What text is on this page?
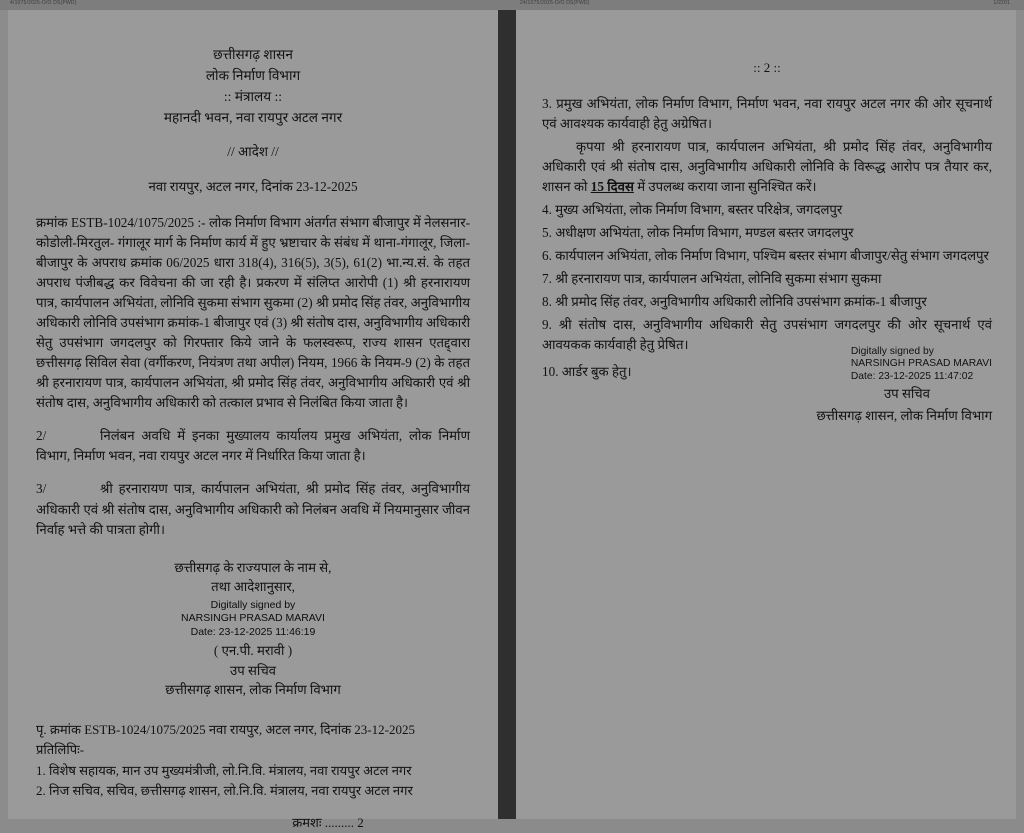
4/1075/2025-O/O DS(PWD)	24/1075/2025-O/O DS(PWD)	1/2201
छत्तीसगढ़ शासन
लोक निर्माण विभाग
:: मंत्रालय ::
महानदी भवन, नवा रायपुर अटल नगर
// आदेश //
नवा रायपुर, अटल नगर, दिनांक 23-12-2025
क्रमांक ESTB-1024/1075/2025 :- लोक निर्माण विभाग अंतर्गत संभाग बीजापुर में नेलसनार-कोडोली-मिरतुल- गंगालूर मार्ग के निर्माण कार्य में हुए भ्रष्टाचार के संबंध में थाना-गंगालूर, जिला-बीजापुर के अपराध क्रमांक 06/2025 धारा 318(4), 316(5), 3(5), 61(2) भा.न्य.सं. के तहत अपराध पंजीबद्ध कर विवेचना की जा रही है। प्रकरण में संलिप्त आरोपी (1) श्री हरनारायण पात्र, कार्यपालन अभियंता, लोनिवि सुकमा संभाग सुकमा (2) श्री प्रमोद सिंह तंवर, अनुविभागीय अधिकारी लोनिवि उपसंभाग क्रमांक-1 बीजापुर एवं (3) श्री संतोष दास, अनुविभागीय अधिकारी सेतु उपसंभाग जगदलपुर को गिरफ्तार किये जाने के फलस्वरूप, राज्य शासन एतद्द्वारा छत्तीसगढ़ सिविल सेवा (वर्गीकरण, नियंत्रण तथा अपील) नियम, 1966 के नियम-9 (2) के तहत श्री हरनारायण पात्र, कार्यपालन अभियंता, श्री प्रमोद सिंह तंवर, अनुविभागीय अधिकारी एवं श्री संतोष दास, अनुविभागीय अधिकारी को तत्काल प्रभाव से निलंबित किया जाता है।
2/	निलंबन अवधि में इनका मुख्यालय कार्यालय प्रमुख अभियंता, लोक निर्माण विभाग, निर्माण भवन, नवा रायपुर अटल नगर में निर्धारित किया जाता है।
3/	श्री हरनारायण पात्र, कार्यपालन अभियंता, श्री प्रमोद सिंह तंवर, अनुविभागीय अधिकारी एवं श्री संतोष दास, अनुविभागीय अधिकारी को निलंबन अवधि में नियमानुसार जीवन निर्वाह भत्ते की पात्रता होगी।
छत्तीसगढ़ के राज्यपाल के नाम से,
तथा आदेशानुसार,
Digitally signed by
NARSINGH PRASAD MARAVI
Date: 23-12-2025 11:46:19
( एन.पी. मरावी )
उप सचिव
छत्तीसगढ़ शासन, लोक निर्माण विभाग
पृ. क्रमांक ESTB-1024/1075/2025 नवा रायपुर, अटल नगर, दिनांक 23-12-2025
प्रतिलिपिः-
1. विशेष सहायक, मान उप मुख्यमंत्रीजी, लो.नि.वि. मंत्रालय, नवा रायपुर अटल नगर
2. निज सचिव, सचिव, छत्तीसगढ़ शासन, लो.नि.वि. मंत्रालय, नवा रायपुर अटल नगर
क्रमशः ......... 2
:: 2 ::
3. प्रमुख अभियंता, लोक निर्माण विभाग, निर्माण भवन, नवा रायपुर अटल नगर की ओर सूचनार्थ एवं आवश्यक कार्यवाही हेतु अग्रेषित।
कृपया श्री हरनारायण पात्र, कार्यपालन अभियंता, श्री प्रमोद सिंह तंवर, अनुविभागीय अधिकारी एवं श्री संतोष दास, अनुविभागीय अधिकारी लोनिवि के विरूद्ध आरोप पत्र तैयार कर, शासन को 15 दिवस में उपलब्ध कराया जाना सुनिश्चित करें।
4. मुख्य अभियंता, लोक निर्माण विभाग, बस्तर परिक्षेत्र, जगदलपुर
5. अधीक्षण अभियंता, लोक निर्माण विभाग, मण्डल बस्तर जगदलपुर
6. कार्यपालन अभियंता, लोक निर्माण विभाग, पश्चिम बस्तर संभाग बीजापुर/सेतु संभाग जगदलपुर
7. श्री हरनारायण पात्र, कार्यपालन अभियंता, लोनिवि सुकमा संभाग सुकमा
8. श्री प्रमोद सिंह तंवर, अनुविभागीय अधिकारी लोनिवि उपसंभाग क्रमांक-1 बीजापुर
9. श्री संतोष दास, अनुविभागीय अधिकारी सेतु उपसंभाग जगदलपुर की ओर सूचनार्थ एवं आवयकक कार्यवाही हेतु प्रेषित।
10. आर्डर बुक हेतु।
Digitally signed by
NARSINGH PRASAD MARAVI
Date: 23-12-2025 11:47:02
उप सचिव
छत्तीसगढ़ शासन, लोक निर्माण विभाग
